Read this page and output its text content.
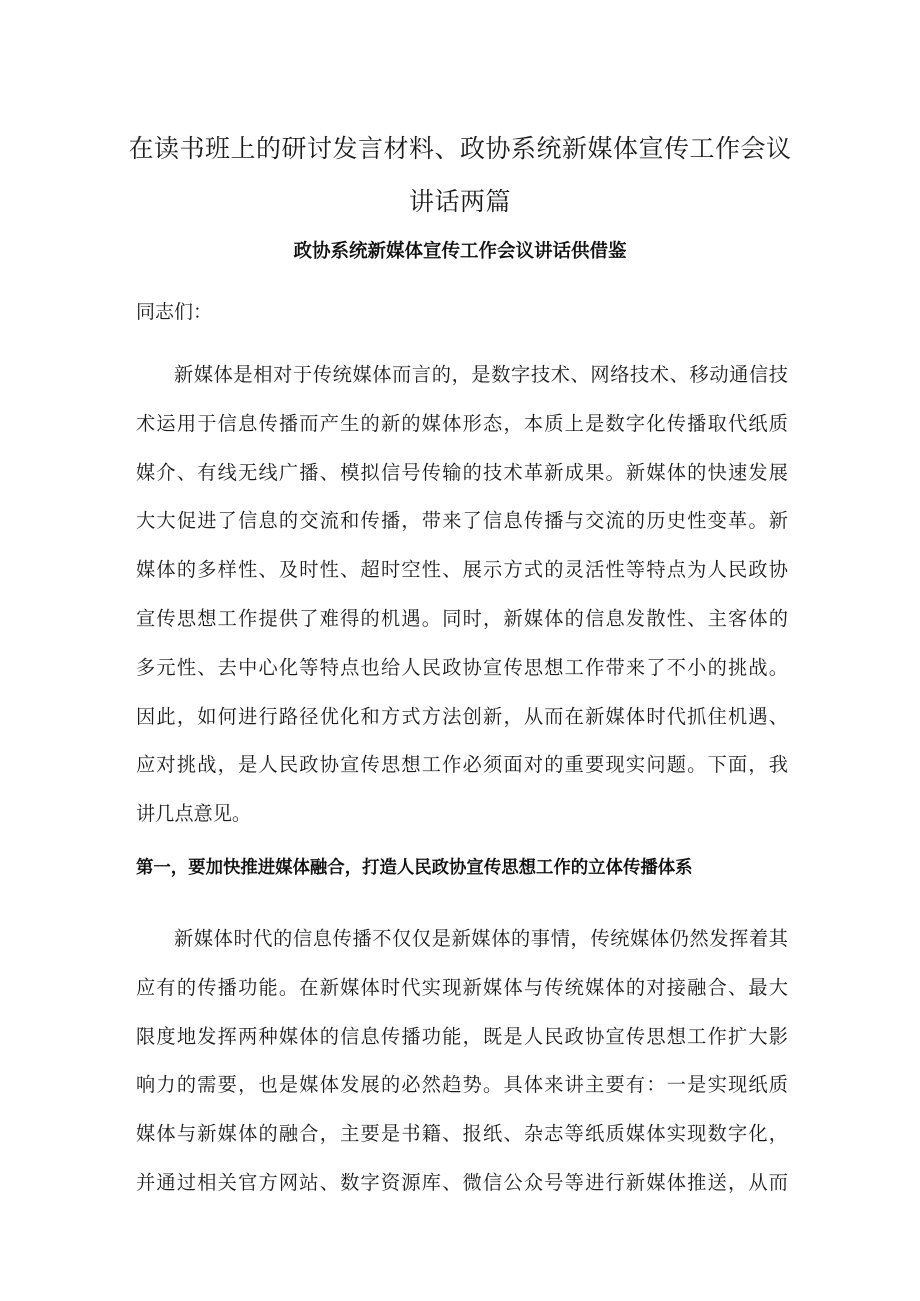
在读书班上的研讨发言材料、政协系统新媒体宣传工作会议
讲话两篇
政协系统新媒体宣传工作会议讲话供借鉴

同志们：

新媒体是相对于传统媒体而言的，是数字技术、网络技术、移动通信技
术运用于信息传播而产生的新的媒体形态，本质上是数字化传播取代纸质
媒介、有线无线广播、模拟信号传输的技术革新成果。新媒体的快速发展
大大促进了信息的交流和传播，带来了信息传播与交流的历史性变革。新
媒体的多样性、及时性、超时空性、展示方式的灵活性等特点为人民政协
宣传思想工作提供了难得的机遇。同时，新媒体的信息发散性、主客体的
多元性、去中心化等特点也给人民政协宣传思想工作带来了不小的挑战。
因此，如何进行路径优化和方式方法创新，从而在新媒体时代抓住机遇、
应对挑战，是人民政协宣传思想工作必须面对的重要现实问题。下面，我
讲几点意见。
第一，要加快推进媒体融合，打造人民政协宣传思想工作的立体传播体系
新媒体时代的信息传播不仅仅是新媒体的事情，传统媒体仍然发挥着其
应有的传播功能。在新媒体时代实现新媒体与传统媒体的对接融合、最大
限度地发挥两种媒体的信息传播功能，既是人民政协宣传思想工作扩大影
响力的需要，也是媒体发展的必然趋势。具体来讲主要有：一是实现纸质
媒体与新媒体的融合，主要是书籍、报纸、杂志等纸质媒体实现数字化，
并通过相关官方网站、数字资源库、微信公众号等进行新媒体推送，从而
